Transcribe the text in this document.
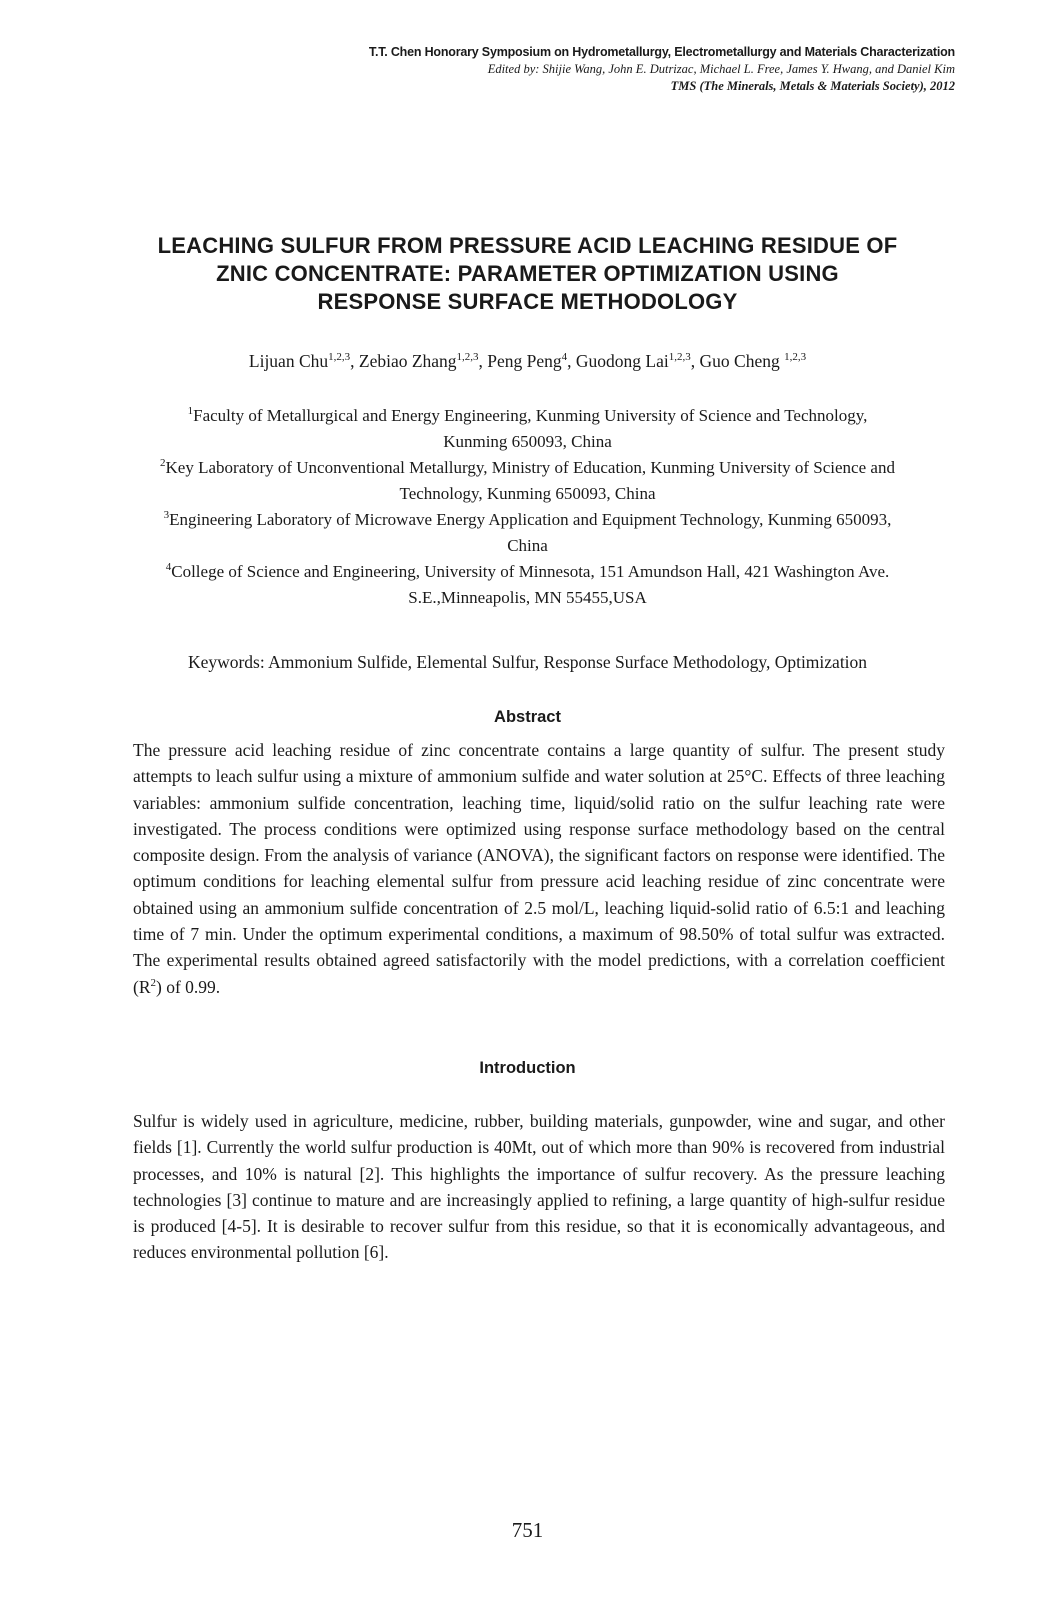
T.T. Chen Honorary Symposium on Hydrometallurgy, Electrometallurgy and Materials Characterization
Edited by: Shijie Wang, John E. Dutrizac, Michael L. Free, James Y. Hwang, and Daniel Kim
TMS (The Minerals, Metals & Materials Society), 2012
LEACHING SULFUR FROM PRESSURE ACID LEACHING RESIDUE OF
ZNIC CONCENTRATE: PARAMETER OPTIMIZATION USING
RESPONSE SURFACE METHODOLOGY
Lijuan Chu$^{1,2,3}$, Zebiao Zhang$^{1,2,3}$, Peng Peng$^4$, Guodong Lai$^{1,2,3}$, Guo Cheng $^{1,2,3}$

$^1$Faculty of Metallurgical and Energy Engineering, Kunming University of Science and Technology, Kunming 650093, China

$^2$Key Laboratory of Unconventional Metallurgy, Ministry of Education, Kunming University of Science and Technology, Kunming 650093, China

$^3$Engineering Laboratory of Microwave Energy Application and Equipment Technology, Kunming 650093, China

$^4$College of Science and Engineering, University of Minnesota, 151 Amundson Hall, 421 Washington Ave. S.E.,Minneapolis, MN 55455,USA

Keywords: Ammonium Sulfide, Elemental Sulfur, Response Surface Methodology, Optimization
Abstract
The pressure acid leaching residue of zinc concentrate contains a large quantity of sulfur. The present study attempts to leach sulfur using a mixture of ammonium sulfide and water solution at 25°C. Effects of three leaching variables: ammonium sulfide concentration, leaching time, liquid/solid ratio on the sulfur leaching rate were investigated. The process conditions were optimized using response surface methodology based on the central composite design. From the analysis of variance (ANOVA), the significant factors on response were identified. The optimum conditions for leaching elemental sulfur from pressure acid leaching residue of zinc concentrate were obtained using an ammonium sulfide concentration of 2.5 mol/L, leaching liquid-solid ratio of 6.5:1 and leaching time of 7 min. Under the optimum experimental conditions, a maximum of 98.50% of total sulfur was extracted. The experimental results obtained agreed satisfactorily with the model predictions, with a correlation coefficient $(R^2)$ of 0.99.
Introduction
Sulfur is widely used in agriculture, medicine, rubber, building materials, gunpowder, wine and sugar, and other fields [1]. Currently the world sulfur production is 40Mt, out of which more than 90% is recovered from industrial processes, and 10% is natural [2]. This highlights the importance of sulfur recovery. As the pressure leaching technologies [3] continue to mature and are increasingly applied to refining, a large quantity of high-sulfur residue is produced [4-5]. It is desirable to recover sulfur from this residue, so that it is economically advantageous, and reduces environmental pollution [6].
751
